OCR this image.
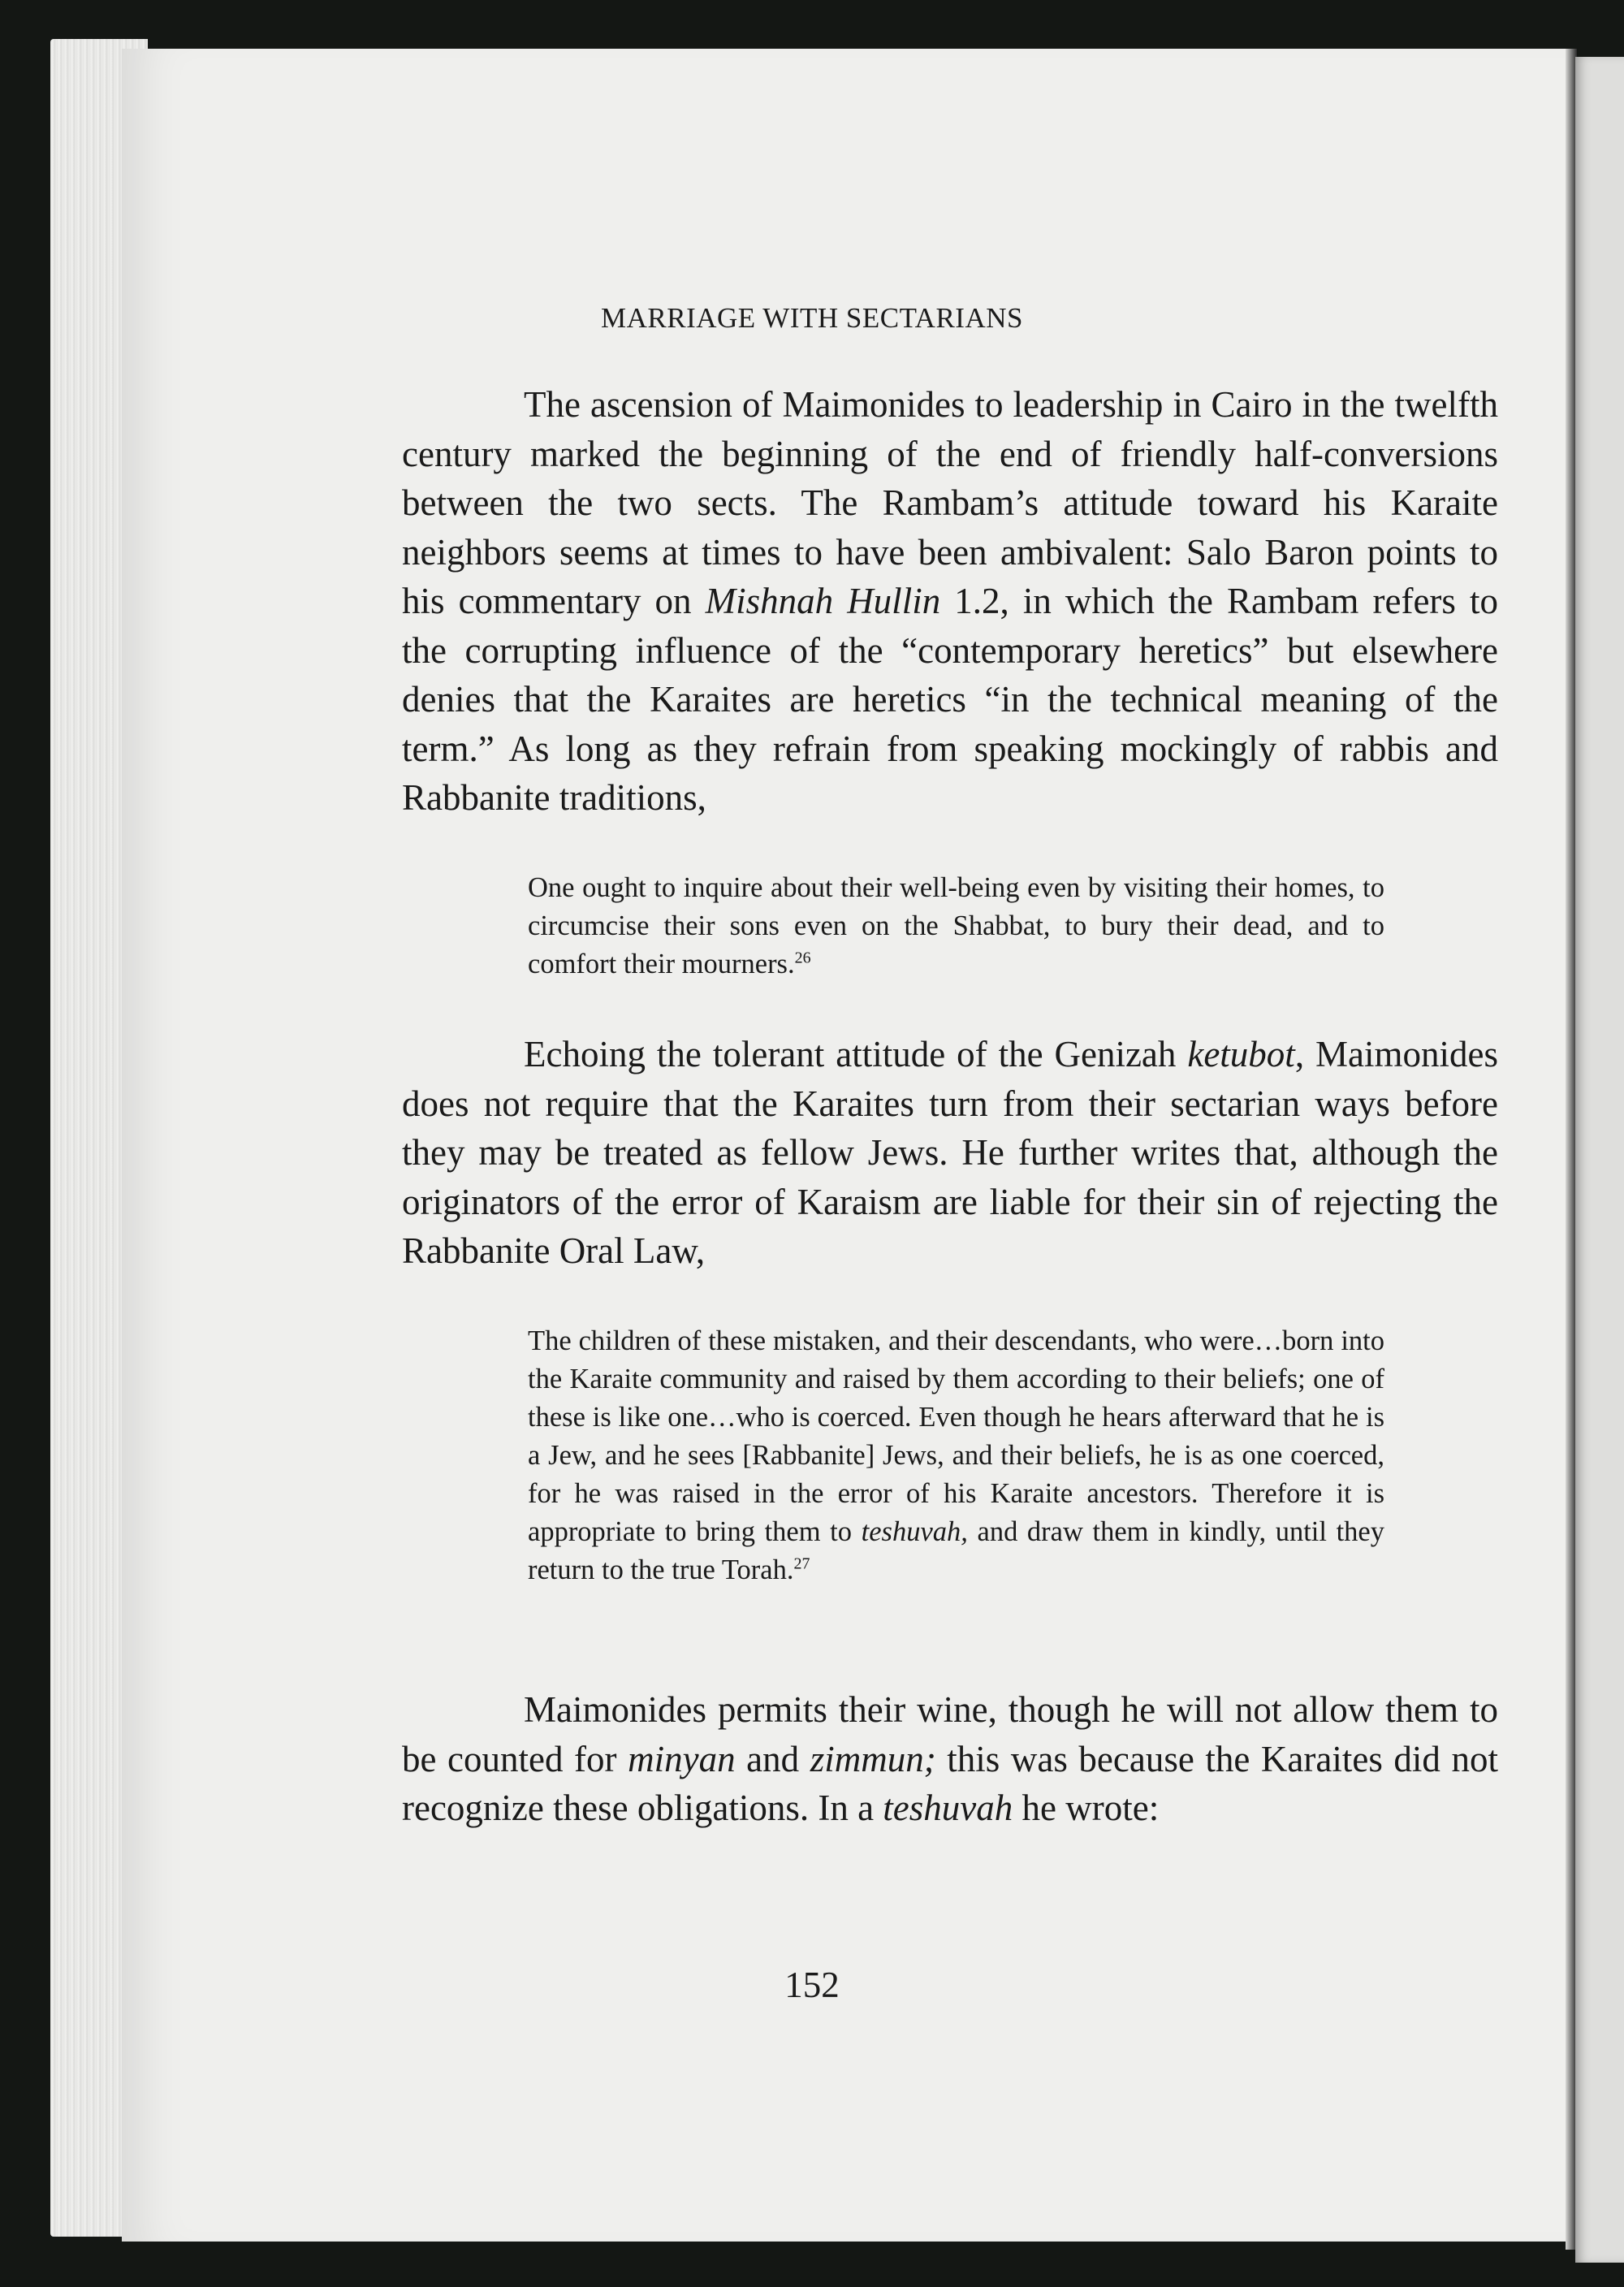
MARRIAGE WITH SECTARIANS

The ascension of Maimonides to leadership in Cairo in the twelfth century marked the beginning of the end of friendly half-conversions between the two sects. The Rambam’s attitude toward his Karaite neighbors seems at times to have been ambivalent: Salo Baron points to his commentary on Mishnah Hullin 1.2, in which the Rambam refers to the corrupting influence of the “contemporary heretics” but elsewhere denies that the Karaites are heretics “in the technical meaning of the term.” As long as they refrain from speaking mockingly of rabbis and Rabbanite traditions,

One ought to inquire about their well-being even by visiting their homes, to circumcise their sons even on the Shabbat, to bury their dead, and to comfort their mourners.$^{26}$

Echoing the tolerant attitude of the Genizah ketubot, Maimonides does not require that the Karaites turn from their sectarian ways before they may be treated as fellow Jews. He further writes that, although the originators of the error of Karaism are liable for their sin of rejecting the Rabbanite Oral Law,

The children of these mistaken, and their descendants, who were…born into the Karaite community and raised by them according to their beliefs; one of these is like one…who is coerced. Even though he hears afterward that he is a Jew, and he sees [Rabbanite] Jews, and their beliefs, he is as one coerced, for he was raised in the error of his Karaite ancestors. Therefore it is appropriate to bring them to teshuvah, and draw them in kindly, until they return to the true Torah.$^{27}$

Maimonides permits their wine, though he will not allow them to be counted for minyan and zimmun; this was because the Karaites did not recognize these obligations. In a teshuvah he wrote:

152
